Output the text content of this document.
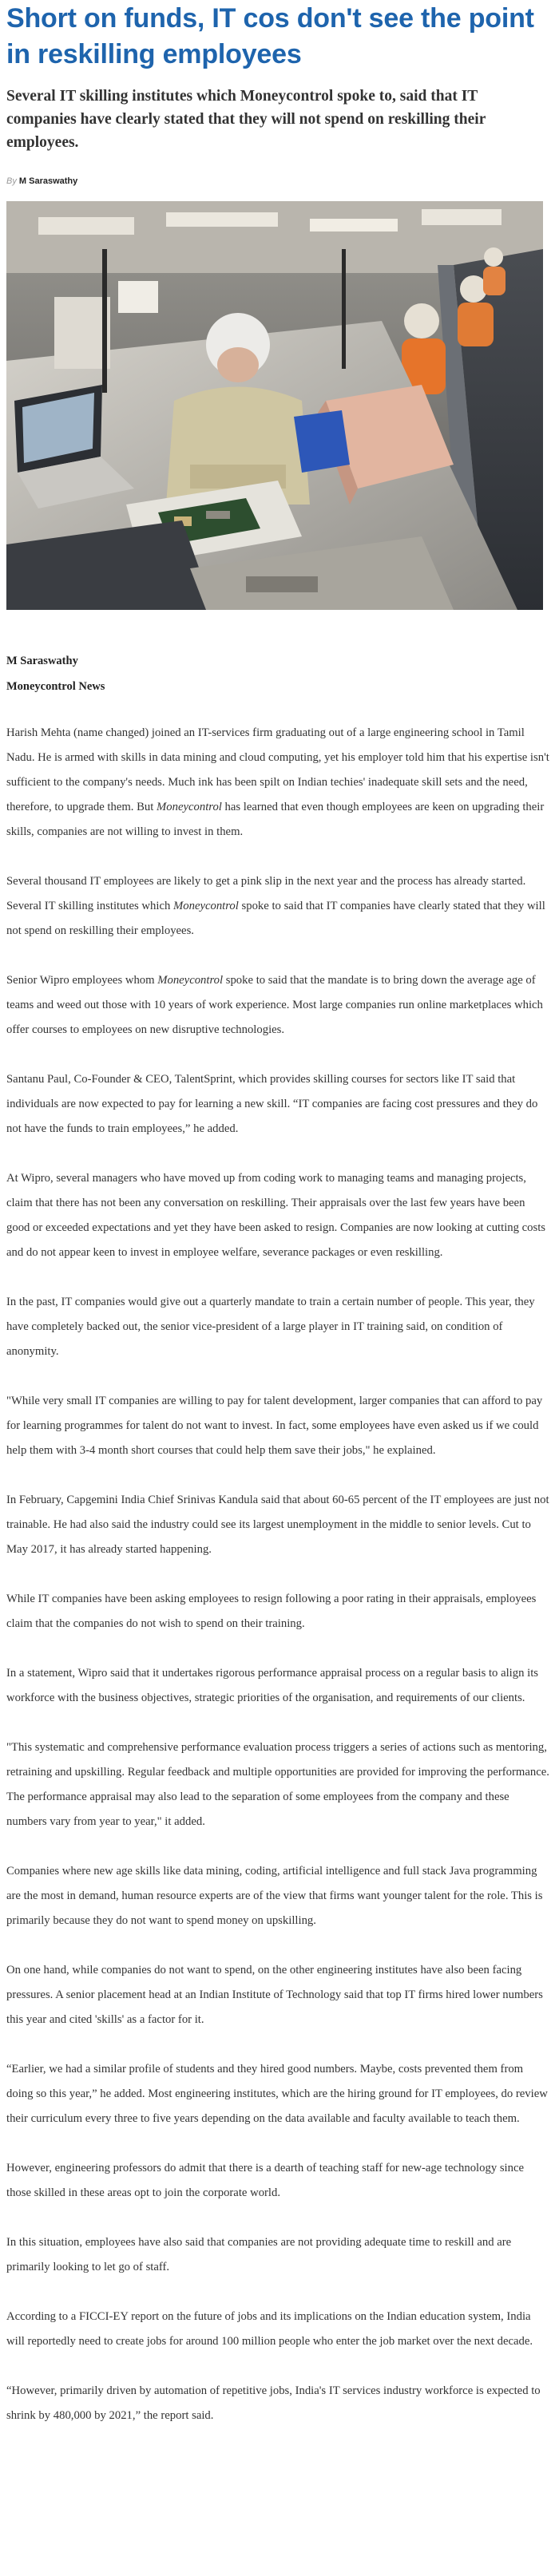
Short on funds, IT cos don't see the point in reskilling employees

Several IT skilling institutes which Moneycontrol spoke to, said that IT companies have clearly stated that they will not spend on reskilling their employees.

By M Saraswathy

M Saraswathy

Moneycontrol News

Harish Mehta (name changed) joined an IT-services firm graduating out of a large engineering school in Tamil Nadu. He is armed with skills in data mining and cloud computing, yet his employer told him that his expertise isn't sufficient to the company's needs. Much ink has been spilt on Indian techies' inadequate skill sets and the need, therefore, to upgrade them. But Moneycontrol has learned that even though employees are keen on upgrading their skills, companies are not willing to invest in them.

Several thousand IT employees are likely to get a pink slip in the next year and the process has already started. Several IT skilling institutes which Moneycontrol spoke to said that IT companies have clearly stated that they will not spend on reskilling their employees.

Senior Wipro employees whom Moneycontrol spoke to said that the mandate is to bring down the average age of teams and weed out those with 10 years of work experience. Most large companies run online marketplaces which offer courses to employees on new disruptive technologies.

Santanu Paul, Co-Founder & CEO, TalentSprint, which provides skilling courses for sectors like IT said that individuals are now expected to pay for learning a new skill. “IT companies are facing cost pressures and they do not have the funds to train employees,” he added.

At Wipro, several managers who have moved up from coding work to managing teams and managing projects, claim that there has not been any conversation on reskilling. Their appraisals over the last few years have been good or exceeded expectations and yet they have been asked to resign. Companies are now looking at cutting costs and do not appear keen to invest in employee welfare, severance packages or even reskilling.

In the past, IT companies would give out a quarterly mandate to train a certain number of people. This year, they have completely backed out, the senior vice-president of a large player in IT training said, on condition of anonymity.

"While very small IT companies are willing to pay for talent development, larger companies that can afford to pay for learning programmes for talent do not want to invest. In fact, some employees have even asked us if we could help them with 3-4 month short courses that could help them save their jobs," he explained.

In February, Capgemini India Chief Srinivas Kandula said that about 60-65 percent of the IT employees are just not trainable. He had also said the industry could see its largest unemployment in the middle to senior levels. Cut to May 2017, it has already started happening.

While IT companies have been asking employees to resign following a poor rating in their appraisals, employees claim that the companies do not wish to spend on their training.

In a statement, Wipro said that it undertakes rigorous performance appraisal process on a regular basis to align its workforce with the business objectives, strategic priorities of the organisation, and requirements of our clients.

"This systematic and comprehensive performance evaluation process triggers a series of actions such as mentoring, retraining and upskilling. Regular feedback and multiple opportunities are provided for improving the performance. The performance appraisal may also lead to the separation of some employees from the company and these numbers vary from year to year," it added.

Companies where new age skills like data mining, coding, artificial intelligence and full stack Java programming are the most in demand, human resource experts are of the view that firms want younger talent for the role. This is primarily because they do not want to spend money on upskilling.

On one hand, while companies do not want to spend, on the other engineering institutes have also been facing pressures. A senior placement head at an Indian Institute of Technology said that top IT firms hired lower numbers this year and cited 'skills' as a factor for it.

“Earlier, we had a similar profile of students and they hired good numbers. Maybe, costs prevented them from doing so this year,” he added. Most engineering institutes, which are the hiring ground for IT employees, do review their curriculum every three to five years depending on the data available and faculty available to teach them.

However, engineering professors do admit that there is a dearth of teaching staff for new-age technology since those skilled in these areas opt to join the corporate world.

In this situation, employees have also said that companies are not providing adequate time to reskill and are primarily looking to let go of staff.

According to a FICCI-EY report on the future of jobs and its implications on the Indian education system, India will reportedly need to create jobs for around 100 million people who enter the job market over the next decade.

“However, primarily driven by automation of repetitive jobs, India's IT services industry workforce is expected to shrink by 480,000 by 2021,” the report said.
